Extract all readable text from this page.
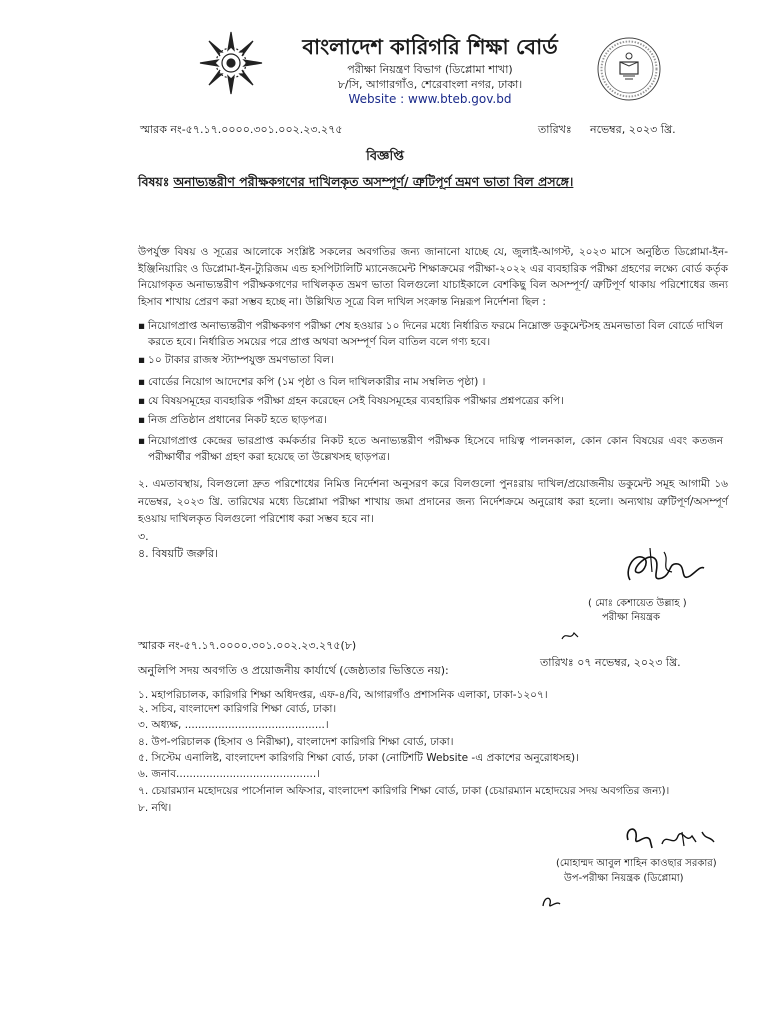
বাংলাদেশ কারিগরি শিক্ষা বোর্ড
পরীক্ষা নিয়ন্ত্রণ বিভাগ (ডিপ্লোমা শাখা)
৮/সি, আগারগাঁও, শেরেবাংলা নগর, ঢাকা।
Website : www.bteb.gov.bd
স্মারক নং-৫৭.১৭.০০০০.৩০১.০০২.২৩.২৭৫	তারিখঃ নভেম্বর, ২০২৩ খ্রি.
বিজ্ঞপ্তি
বিষয়ঃ অনাভ্যন্তরীণ পরীক্ষকগণের দাখিলকৃত অসম্পূর্ণ/ ত্রুটিপূর্ণ ভ্রমণ ভাতা বিল প্রসঙ্গে।
উপর্যুক্ত বিষয় ও সূত্রের আলোকে সংশ্লিষ্ট সকলের অবগতির জন্য জানানো যাচ্ছে যে, জুলাই-আগস্ট, ২০২৩ মাসে অনুষ্ঠিত ডিপ্লোমা-ইন-ইঞ্জিনিয়ারিং ও ডিপ্লোমা-ইন-ট্যুরিজম এন্ড হসপিটালিটি ম্যানেজমেন্ট শিক্ষাক্রমের পরীক্ষা-২০২২ এর ব্যবহারিক পরীক্ষা গ্রহণের লক্ষ্যে বোর্ড কর্তৃক নিয়োগকৃত অনাভ্যন্তরীণ পরীক্ষকগণের দাখিলকৃত ভ্রমণ ভাতা বিলগুলো যাচাইকালে বেশকিছু বিল অসম্পূর্ণ/ ত্রুটিপূর্ণ থাকায় পরিশোধের জন্য হিসাব শাখায় প্রেরণ করা সম্ভব হচ্ছে না। উল্লিখিত সূত্রে বিল দাখিল সংক্রান্ত নিম্নরূপ নির্দেশনা ছিল :
▪ নিয়োগপ্রাপ্ত অনাভ্যন্তরীণ পরীক্ষকগণ পরীক্ষা শেষ হওয়ার ১০ দিনের মধ্যে নির্ধারিত ফরমে নিম্নোক্ত ডকুমেন্টসহ ভ্রমনভাতা বিল বোর্ডে দাখিল করতে হবে। নির্ধারিত সময়ের পরে প্রাপ্ত অথবা অসম্পূর্ণ বিল বাতিল বলে গণ্য হবে।
▪ ১০ টাকার রাজস্ব স্ট্যাম্পযুক্ত ভ্রমণভাতা বিল।
▪ বোর্ডের নিয়োগ আদেশের কপি (১ম পৃষ্ঠা ও বিল দাখিলকারীর নাম সম্বলিত পৃষ্ঠা) ।
▪ যে বিষয়সমূহের ব্যবহারিক পরীক্ষা গ্রহন করেছেন সেই বিষয়সমূহের ব্যবহারিক পরীক্ষার প্রশ্নপত্রের কপি।
▪ নিজ প্রতিষ্ঠান প্রধানের নিকট হতে ছাড়পত্র।
▪ নিয়োগপ্রাপ্ত কেন্দ্রের ভারপ্রাপ্ত কর্মকর্তার নিকট হতে অনাভ্যন্তরীণ পরীক্ষক হিসেবে দায়িত্ব পালনকাল, কোন কোন বিষয়ের এবং কতজন পরীক্ষার্থীর পরীক্ষা গ্রহণ করা হয়েছে তা উল্লেখসহ ছাড়পত্র।
২. এমতাবস্থায়, বিলগুলো দ্রুত পরিশোধের নিমিত্ত নির্দেশনা অনুসরণ করে বিলগুলো পুনঃরায় দাখিল/প্রয়োজনীয় ডকুমেন্ট সমূহ আগামী ১৬ নভেম্বর, ২০২৩ খ্রি. তারিখের মধ্যে ডিপ্লোমা পরীক্ষা শাখায় জমা প্রদানের জন্য নির্দেশক্রমে অনুরোধ করা হলো। অন্যথায় ত্রুটিপূর্ণ/অসম্পূর্ণ হওয়ায় দাখিলকৃত বিলগুলো পরিশোধ করা সম্ভব হবে না।
৩.
৪. বিষয়টি জরুরি।
( মোঃ কেশায়েত উল্লাহ )
পরীক্ষা নিয়ন্ত্রক
স্মারক নং-৫৭.১৭.০০০০.৩০১.০০২.২৩.২৭৫(৮)
তারিখঃ ০৭ নভেম্বর, ২০২৩ খ্রি.
অনুলিপি সদয় অবগতি ও প্রয়োজনীয় কার্যার্থে (জেষ্ঠ্যতার ভিত্তিতে নয়):
১. মহাপরিচালক, কারিগরি শিক্ষা অধিদপ্তর, এফ-৪/বি, আগারগাঁও প্রশাসনিক এলাকা, ঢাকা-১২০৭।
২. সচিব, বাংলাদেশ কারিগরি শিক্ষা বোর্ড, ঢাকা।
৩. অধ্যক্ষ, ..........................................।
৪. উপ-পরিচালক (হিসাব ও নিরীক্ষা), বাংলাদেশ কারিগরি শিক্ষা বোর্ড, ঢাকা।
৫. সিস্টেম এনালিষ্ট, বাংলাদেশ কারিগরি শিক্ষা বোর্ড, ঢাকা (নোটিশটি Website -এ প্রকাশের অনুরোধসহ)।
৬. জনাব..........................................।
৭. চেয়ারম্যান মহোদয়ের পার্সোনাল অফিসার, বাংলাদেশ কারিগরি শিক্ষা বোর্ড, ঢাকা (চেয়ারম্যান মহোদয়ের সদয় অবগতির জন্য)।
৮. নথি।
(মোহাম্মদ আবুল শাহিন কাওছার সরকার)
উপ-পরীক্ষা নিয়ন্ত্রক (ডিপ্লোমা)
